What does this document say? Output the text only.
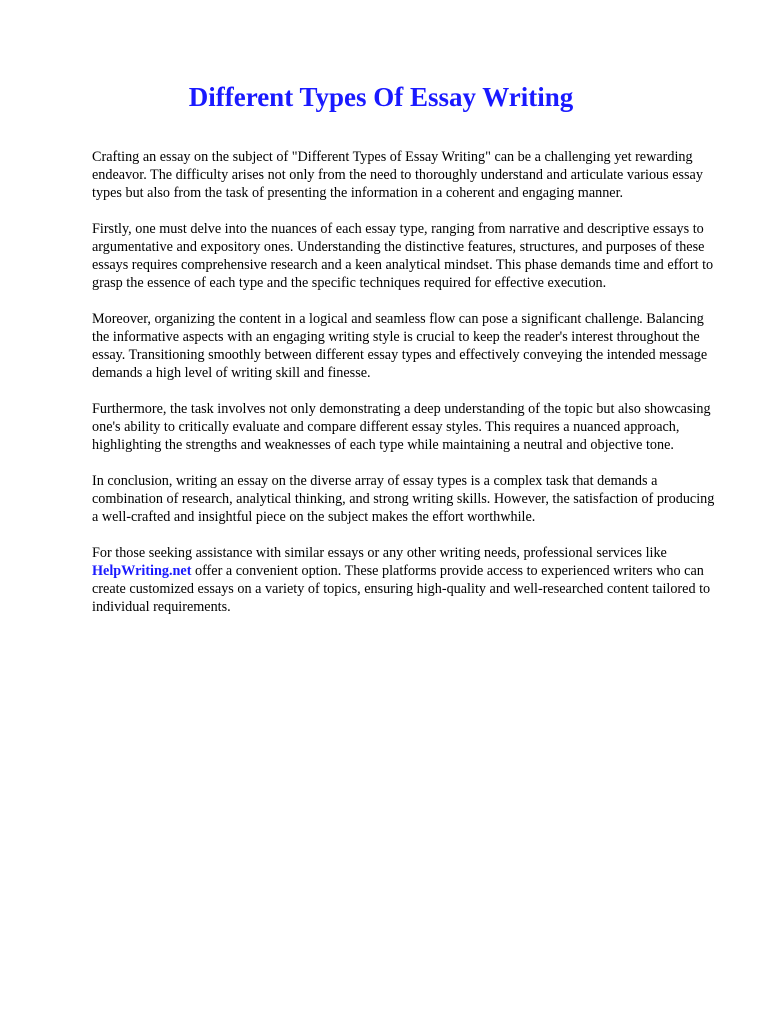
Different Types Of Essay Writing

Crafting an essay on the subject of "Different Types of Essay Writing" can be a challenging yet rewarding endeavor. The difficulty arises not only from the need to thoroughly understand and articulate various essay types but also from the task of presenting the information in a coherent and engaging manner.

Firstly, one must delve into the nuances of each essay type, ranging from narrative and descriptive essays to argumentative and expository ones. Understanding the distinctive features, structures, and purposes of these essays requires comprehensive research and a keen analytical mindset. This phase demands time and effort to grasp the essence of each type and the specific techniques required for effective execution.

Moreover, organizing the content in a logical and seamless flow can pose a significant challenge. Balancing the informative aspects with an engaging writing style is crucial to keep the reader's interest throughout the essay. Transitioning smoothly between different essay types and effectively conveying the intended message demands a high level of writing skill and finesse.

Furthermore, the task involves not only demonstrating a deep understanding of the topic but also showcasing one's ability to critically evaluate and compare different essay styles. This requires a nuanced approach, highlighting the strengths and weaknesses of each type while maintaining a neutral and objective tone.

In conclusion, writing an essay on the diverse array of essay types is a complex task that demands a combination of research, analytical thinking, and strong writing skills. However, the satisfaction of producing a well-crafted and insightful piece on the subject makes the effort worthwhile.

For those seeking assistance with similar essays or any other writing needs, professional services like HelpWriting.net offer a convenient option. These platforms provide access to experienced writers who can create customized essays on a variety of topics, ensuring high-quality and well-researched content tailored to individual requirements.
